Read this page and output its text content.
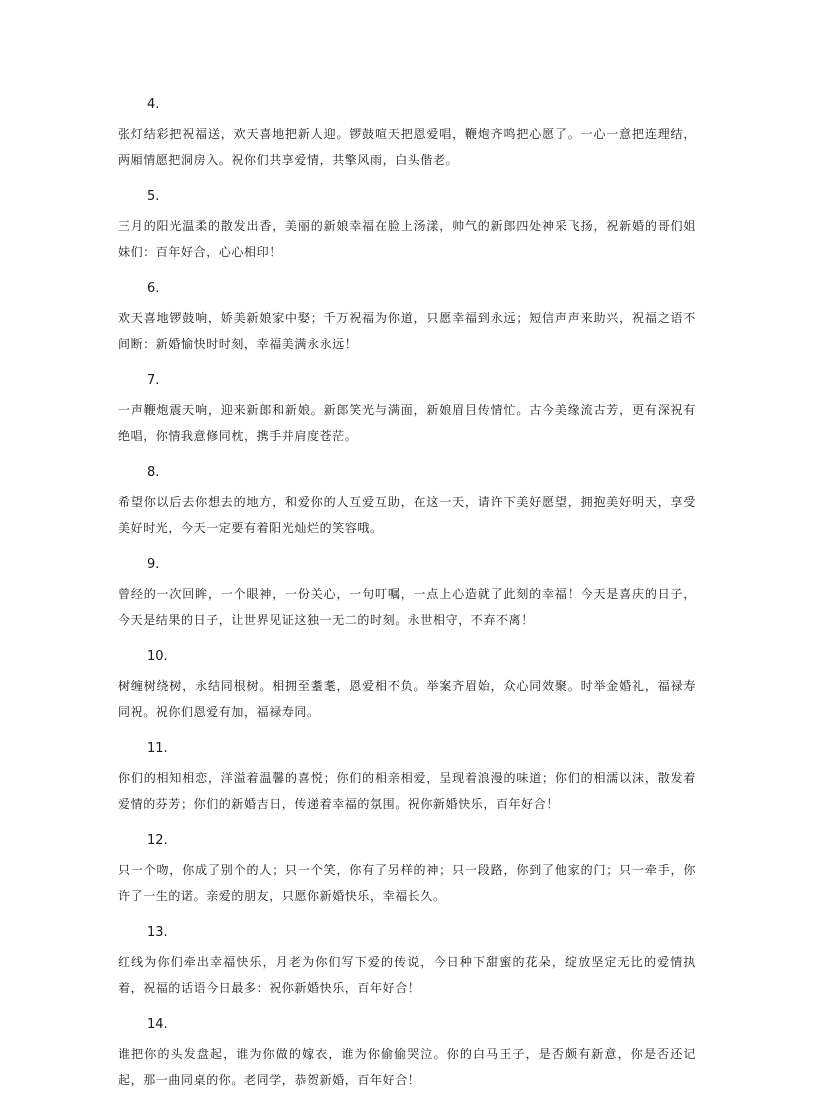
4.
张灯结彩把祝福送，欢天喜地把新人迎。锣鼓喧天把恩爱唱，鞭炮齐鸣把心愿了。一心一意把连理结，两厢情愿把洞房入。祝你们共享爱情，共擎风雨，白头偕老。
5.
三月的阳光温柔的散发出香，美丽的新娘幸福在脸上汤漾，帅气的新郎四处神采飞扬，祝新婚的哥们姐妹们：百年好合，心心相印！
6.
欢天喜地锣鼓响，娇美新娘家中娶；千万祝福为你道，只愿幸福到永远；短信声声来助兴，祝福之语不间断：新婚愉快时时刻，幸福美满永永远！
7.
一声鞭炮震天响，迎来新郎和新娘。新郎笑光与满面，新娘眉目传情忙。古今美缘流古芳，更有深祝有绝唱，你情我意修同枕，携手并肩度苍茫。
8.
希望你以后去你想去的地方，和爱你的人互爱互助，在这一天，请许下美好愿望，拥抱美好明天，享受美好时光，今天一定要有着阳光灿烂的笑容哦。
9.
曾经的一次回眸，一个眼神，一份关心，一句叮嘱，一点上心造就了此刻的幸福！今天是喜庆的日子，今天是结果的日子，让世界见证这独一无二的时刻。永世相守，不弃不离！
10.
树缠树绕树，永结同根树。相拥至耋耄，恩爱相不负。举案齐眉始，众心同效聚。时举金婚礼，福禄寿同祝。祝你们恩爱有加，福禄寿同。
11.
你们的相知相恋，洋溢着温馨的喜悦；你们的相亲相爱，呈现着浪漫的味道；你们的相濡以沫，散发着爱情的芬芳；你们的新婚吉日，传递着幸福的氛围。祝你新婚快乐，百年好合！
12.
只一个吻，你成了别个的人；只一个笑，你有了另样的神；只一段路，你到了他家的门；只一牵手，你许了一生的诺。亲爱的朋友，只愿你新婚快乐，幸福长久。
13.
红线为你们牵出幸福快乐，月老为你们写下爱的传说，今日种下甜蜜的花朵，绽放坚定无比的爱情执着，祝福的话语今日最多：祝你新婚快乐，百年好合！
14.
谁把你的头发盘起，谁为你做的嫁衣，谁为你偷偷哭泣。你的白马王子，是否颇有新意，你是否还记起，那一曲同桌的你。老同学，恭贺新婚，百年好合！
